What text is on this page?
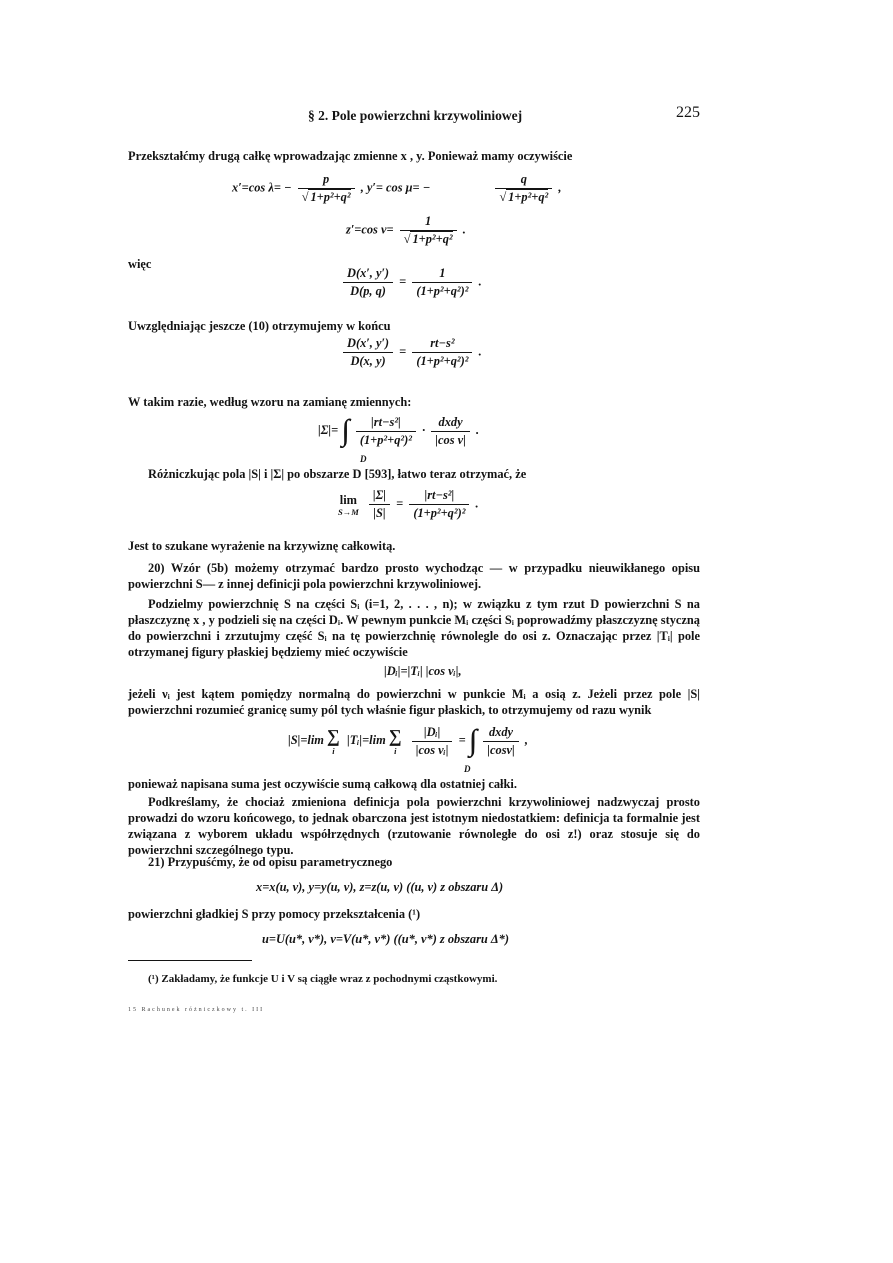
§ 2. Pole powierzchni krzywoliniowej	225
Przekształćmy drugą całkę wprowadzając zmienne x , y. Ponieważ mamy oczywiście
x′=cos $\lambda= - \frac{p}{\text{√ 1+p²+q²}}$ , y′= cos μ= −	$\frac{q}{\text{√ 1+p²+q²}}$ ,
z′=cos $\nu= \frac{1}{\text{√ 1+p²+q²}}$ .
więc
$\frac{D(x', y')}{D(p, q)} = \frac{1}{\text{(1+p²+q²)²}}$ .
Uwzględniając jeszcze (10) otrzymujemy w końcu
$\frac{D(x', y')}{D(x, y)} = \frac{\text{rt−s²}}{\text{(1+p²+q²)²}}$ .
W takim razie, według wzoru na zamianę zmiennych:
|Σ|= ∫∫ $\frac{\text{|rt−s²|}}{\text{(1+p²+q²)²}} \cdot \frac{\text{dxdy}}{\text{|cos ν|}}$ .
D
Różniczkując pola |S| i |Σ| po obszarze D [593], łatwo teraz otrzymać, że
lim
S→M
$\frac{|\Sigma|}{|S|} = \frac{\text{|rt−s²|}}{\text{(1+p²+q²)²}}$ .
Jest to szukane wyrażenie na krzywiznę całkowitą.
20) Wzór (5b) możemy otrzymać bardzo prosto wychodząc — w przypadku nieuwikłanego opisu powierzchni S— z innej definicji pola powierzchni krzywoliniowej.
Podzielmy powierzchnię S na części Sᵢ (i=1, 2, . . . , n); w związku z tym rzut D powierzchni S na płaszczyznę x , y podzieli się na części Dᵢ. W pewnym punkcie Mᵢ części Sᵢ poprowadźmy płaszczyznę styczną do powierzchni i zrzutujmy część Sᵢ na tę powierzchnię równolegle do osi z. Oznaczając przez |Tᵢ| pole otrzymanej figury płaskiej będziemy mieć oczywiście
|Dᵢ|=|Tᵢ| |cos νᵢ|,
jeżeli νᵢ jest kątem pomiędzy normalną do powierzchni w punkcie Mᵢ a osią z. Jeżeli przez pole |S| powierzchni rozumieć granicę sumy pól tych właśnie figur płaskich, to otrzymujemy od razu wynik
|S|=lim ∑
i
|Tᵢ|=lim ∑
i
	$\frac{\text{|Dᵢ|}}{\text{|cos νᵢ|}}$ = ∫∫ $\frac{\text{dxdy}}{|\cos\nu|}$ ,
D
ponieważ napisana suma jest oczywiście sumą całkową dla ostatniej całki.
Podkreślamy, że chociaż zmieniona definicja pola powierzchni krzywoliniowej nadzwyczaj prosto prowadzi do wzoru końcowego, to jednak obarczona jest istotnym niedostatkiem: definicja ta formalnie jest związana z wyborem układu współrzędnych (rzutowanie równoległe do osi z!) oraz stosuje się do powierzchni szczególnego typu.
21) Przypuśćmy, że od opisu parametrycznego
x=x(u, v), y=y(u, v), z=z(u, v) ((u, v) z obszaru Δ)
powierzchni gładkiej S przy pomocy przekształcenia (¹)
u=U(u*, v*), v=V(u*, v*) ((u*, v*) z obszaru Δ*)
(¹) Zakładamy, że funkcje U i V są ciągłe wraz z pochodnymi cząstkowymi.
15 Rachunek różniczkowy t. III
